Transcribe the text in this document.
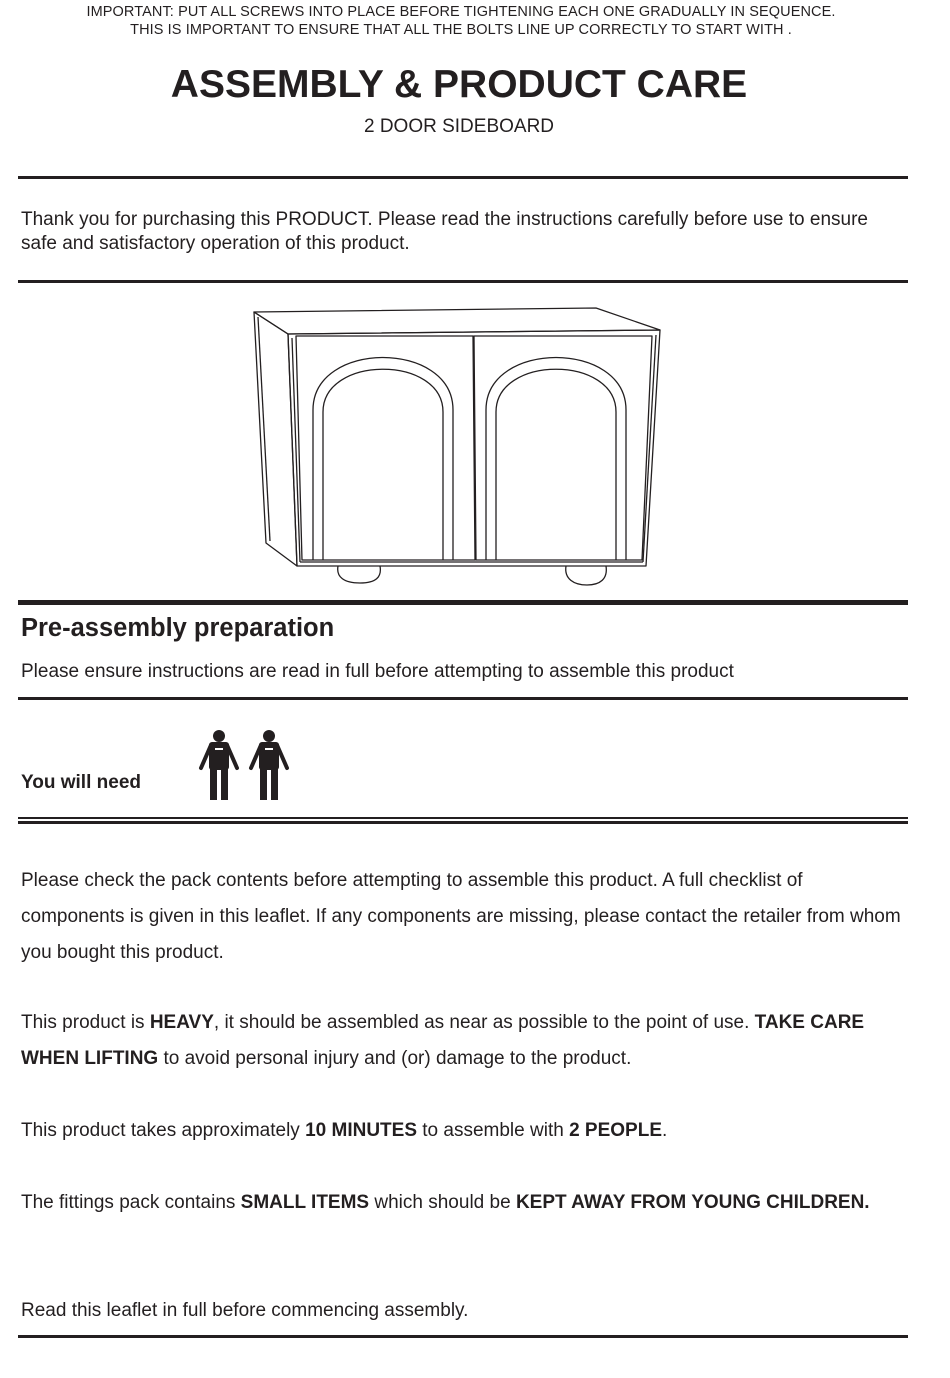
IMPORTANT: PUT ALL SCREWS INTO PLACE BEFORE TIGHTENING EACH ONE GRADUALLY IN SEQUENCE.
THIS IS IMPORTANT TO ENSURE THAT ALL THE BOLTS LINE UP CORRECTLY TO START WITH .
ASSEMBLY & PRODUCT CARE
2 DOOR SIDEBOARD
Thank you for purchasing this PRODUCT. Please read the instructions carefully before use to ensure safe and satisfactory operation of this product.
Pre-assembly preparation
Please ensure instructions are read in full before attempting to assemble this product
You will need
Please check the pack contents before attempting to assemble this product. A full checklist of components is given in this leaflet. If any components are missing, please contact the retailer from whom you bought this product.
This product is HEAVY, it should be assembled as near as possible to the point of use. TAKE CARE WHEN LIFTING to avoid personal injury and (or) damage to the product.
This product takes approximately 10 MINUTES to assemble with 2 PEOPLE.
The fittings pack contains SMALL ITEMS which should be KEPT AWAY FROM YOUNG CHILDREN.
Read this leaflet in full before commencing assembly.
